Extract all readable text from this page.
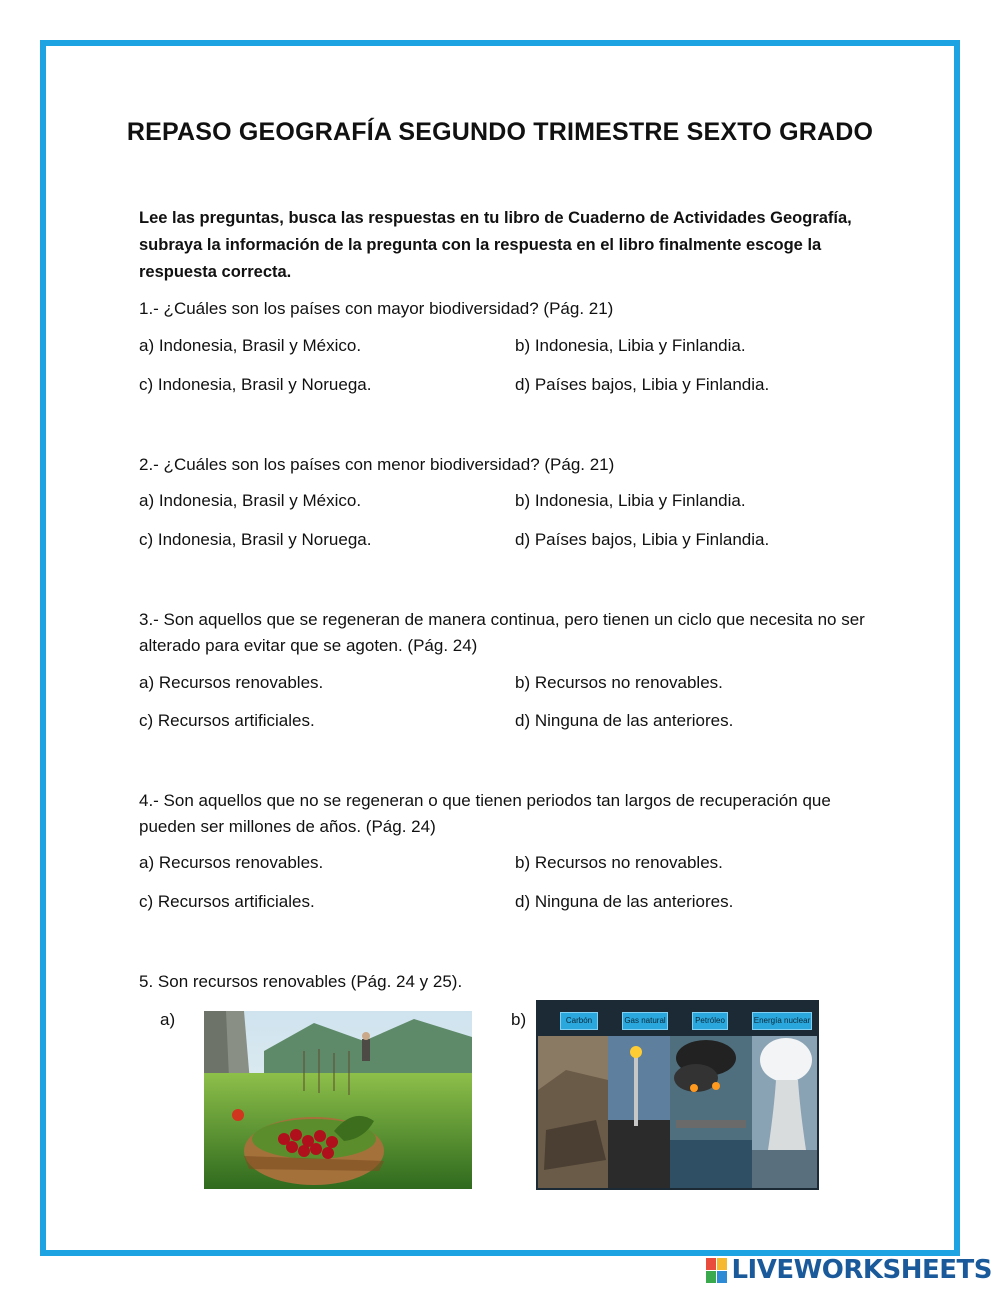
REPASO GEOGRAFÍA SEGUNDO TRIMESTRE SEXTO GRADO
Lee las preguntas, busca las respuestas en tu libro de Cuaderno de Actividades Geografía, subraya la información de la pregunta con la respuesta en el libro finalmente escoge la respuesta correcta.
1.- ¿Cuáles son los países con mayor biodiversidad? (Pág. 21)
a) Indonesia, Brasil y México.	b) Indonesia, Libia y Finlandia.
c) Indonesia, Brasil y Noruega.	d) Países bajos, Libia y Finlandia.
2.- ¿Cuáles son los países con menor biodiversidad? (Pág. 21)
a) Indonesia, Brasil y México.	b) Indonesia, Libia y Finlandia.
c) Indonesia, Brasil y Noruega.	d) Países bajos, Libia y Finlandia.
3.- Son aquellos que se regeneran de manera continua, pero tienen un ciclo que necesita no ser alterado para evitar que se agoten. (Pág. 24)
a) Recursos renovables.	b) Recursos no renovables.
c) Recursos artificiales.	d) Ninguna de las anteriores.
4.- Son aquellos que no se regeneran o que tienen periodos tan largos de recuperación que pueden ser millones de años. (Pág. 24)
a) Recursos renovables.	b) Recursos no renovables.
c) Recursos artificiales.	d) Ninguna de las anteriores.
5. Son recursos renovables (Pág. 24 y 25).
a)	b)	Carbón	Gas natural	Petróleo	Energía nuclear
LIVEWORKSHEETS
